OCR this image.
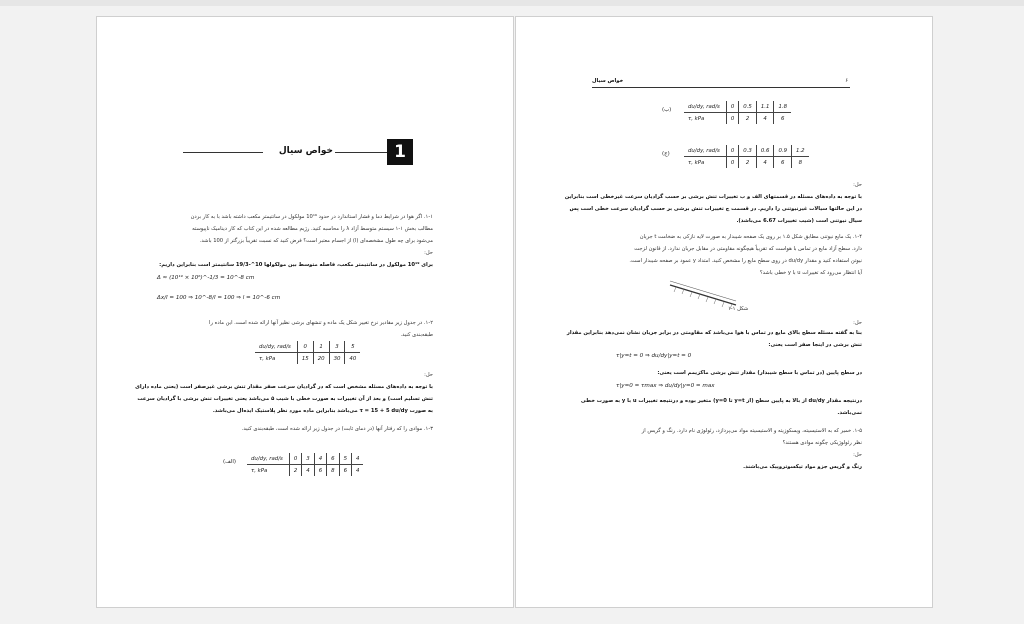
1
خواص سیال
۱-۱. اگر هوا در شرایط دما و فشار استاندارد در حدود 10¹⁹ مولکول در سانتیمتر مکعب داشته باشد با به کار بردن
مطالب بخش ۱-۱ سیستم متوسط آزاد λ را محاسبه کنید. رژیم مطالعه شده در این کتاب که کار دینامیک ناپیوسته
می‌شود برای چه طول مشخصه‌ای (l) از اجسام معتبر است؟ فرض کنید که نسبت تقریباً بزرگتر از 100 باشد.
حل:
برای 10¹⁹ مولکول در سانتیمتر مکعب، فاصله متوسط بین مولکولها 10^-19/3 سانتیمتر است بنابراین داریم:
Δ ≈ (10¹⁹ × 10⁶)^-1/3 = 10^-8 cm
Δx/l = 100 ⇒ 10^-8/l = 100 ⇒ l = 10^-6 cm
۱-۲. در جدول زیر مقادیر نرخ تغییر شکل یک ماده و تنشهای برشی نظیر آنها ارائه شده است. این ماده را
طبقه‌بندی کنید.
du/dy, rad/s	0	1	3	5
τ, kPa	15	20	30	40
حل:
با توجه به داده‌های مسئله مشخص است که در گرادیان سرعت صفر مقدار تنش برشی غیرصفر است (یعنی ماده دارای
تنش تسلیم است) و بعد از آن تغییرات به صورت خطی با شیب ۵ می‌باشد یعنی تغییرات تنش برشی با گرادیان سرعت
به صورت τ = 15 + 5 du/dy می‌باشد بنابراین ماده مورد نظر پلاستیک ایده‌ال می‌باشد.
۱-۳. موادی را که رفتار آنها (در دمای ثابت) در جدول زیر ارائه شده است، طبقه‌بندی کنید.
(الف)
du/dy, rad/s	0	3	4	6	5	4
τ, kPa	2	4	6	8	6	4
خواص سیال	۶
(ب)
du/dy, rad/s	0	0.5	1.1	1.8
τ, kPa	0	2	4	6
(ج)
du/dy, rad/s	0	0.3	0.6	0.9	1.2
τ, kPa	0	2	4	6	8
حل:
با توجه به داده‌های مسئله در قسمتهای الف و ب تغییرات تنش برشی بر حسب گرادیان سرعت غیرخطی است بنابراین
در این حالتها سیالات غیرنیوتنی را داریم. در قسمت ج تغییرات تنش برشی بر حسب گرادیان سرعت خطی است پس
سیال نیوتنی است (شیب تغییرات 6.67 می‌باشد).
۱-۴. یک مایع نیوتنی مطابق شکل ۱.۵ بر روی یک صفحه شیبدار به صورت لایه نازکی به ضخامت t جریان
دارد. سطح آزاد مایع در تماس با هواست که تقریباً هیچگونه مقاومتی در مقابل جریان ندارد. از قانون لزجت
نیوتن استفاده کنید و مقدار du/dy در روی سطح مایع را مشخص کنید. امتداد y عمود بر صفحه شیبدار است.
آیا انتظار می‌رود که تغییرات u با y خطی باشد؟
شکل ۱-۱
حل:
بنا به گفته مسئله سطح بالای مایع در تماس با هوا می‌باشد که مقاومتی در برابر جریان نشان نمی‌دهد بنابراین مقدار
تنش برشی در اینجا صفر است یعنی:
τ|y=t = 0 ⇒ du/dy|y=t = 0
در سطح پایین (در تماس با سطح شیبدار) مقدار تنش برشی ماکزیمم است یعنی:
τ|y=0 = τmax ⇒ du/dy|y=0 = max
درنتیجه مقدار du/dy از بالا به پایین سطح (از y=t تا y=0) متغیر بوده و درنتیجه تغییرات u با y به صورت خطی
نمی‌باشد.
۱-۵. خمیر که به الاستیسیته، ویسکوزیته و الاستیسیته مواد می‌پردازد، رئولوژی نام دارد. رنگ و گریس از
نظر رئولوژیکی چگونه موادی هستند؟
حل:
رنگ و گریس جزو مواد تیکسوتروپیک می‌باشند.
